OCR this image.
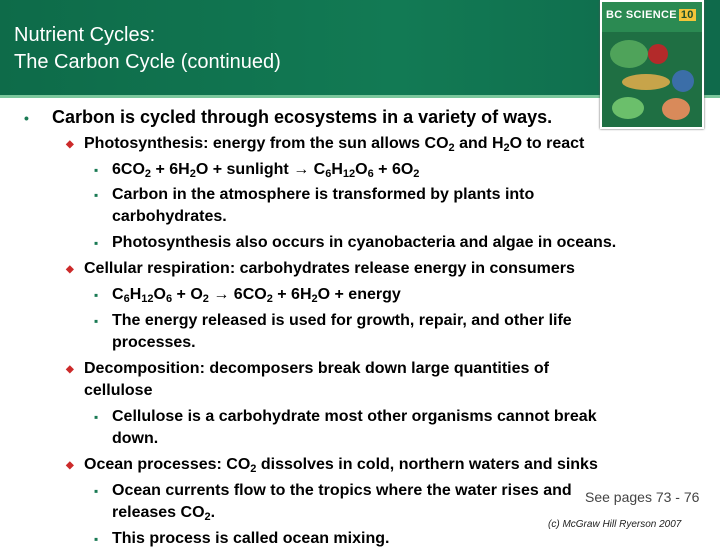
Nutrient Cycles:
The Carbon Cycle (continued)
BC SCIENCE 10
• Carbon is cycled through ecosystems in a variety of ways.
◆ Photosynthesis: energy from the sun allows $CO_2$ and $H_2O$ to react
▪ $6CO_2 + 6H_2O$ + sunlight → $C_6H_{12}O_6 + 6O_2$
▪ Carbon in the atmosphere is transformed by plants into
carbohydrates.
▪ Photosynthesis also occurs in cyanobacteria and algae in oceans.
◆ Cellular respiration: carbohydrates release energy in consumers
▪ $C_6H_{12}O_6 + O_2 \to 6CO_2 + 6H_2O$ + energy
▪ The energy released is used for growth, repair, and other life
processes.
◆ Decomposition: decomposers break down large quantities of
cellulose
▪ Cellulose is a carbohydrate most other organisms cannot break
down.
◆ Ocean processes: $CO_2$ dissolves in cold, northern waters and sinks
▪ Ocean currents flow to the tropics where the water rises and
releases $CO_2$.
▪ This process is called ocean mixing.
See pages 73 - 76
(c) McGraw Hill Ryerson 2007
